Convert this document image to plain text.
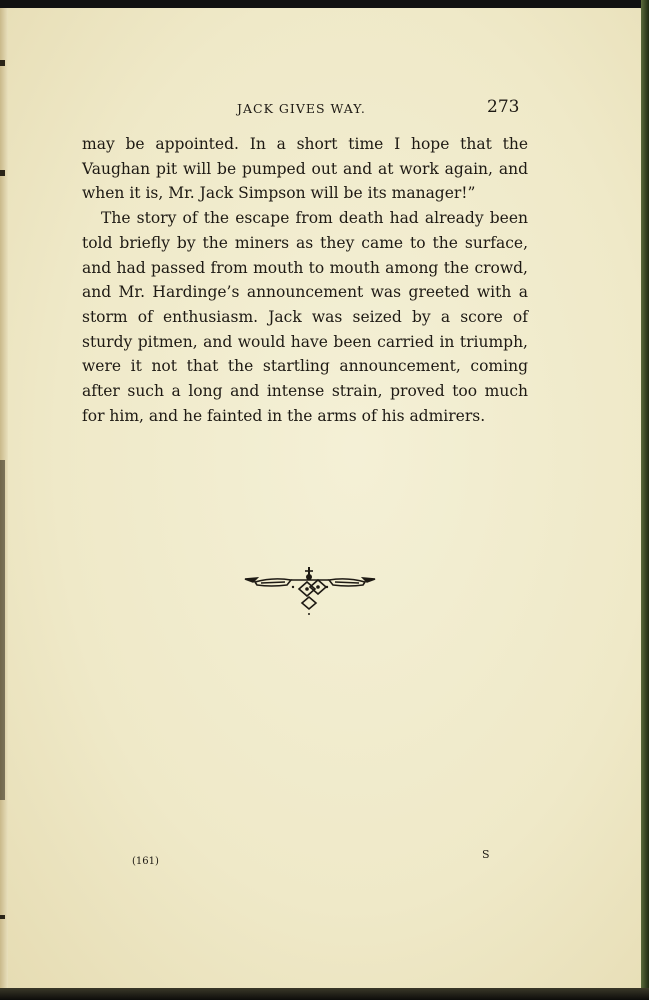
JACK GIVES WAY.	273

may be appointed. In a short time I hope that the Vaughan pit will be pumped out and at work again, and when it is, Mr. Jack Simpson will be its manager!”

The story of the escape from death had already been told briefly by the miners as they came to the surface, and had passed from mouth to mouth among the crowd, and Mr. Hardinge’s announcement was greeted with a storm of enthusiasm. Jack was seized by a score of sturdy pitmen, and would have been carried in triumph, were it not that the startling announcement, coming after such a long and intense strain, proved too much for him, and he fainted in the arms of his admirers.

(161)
S
